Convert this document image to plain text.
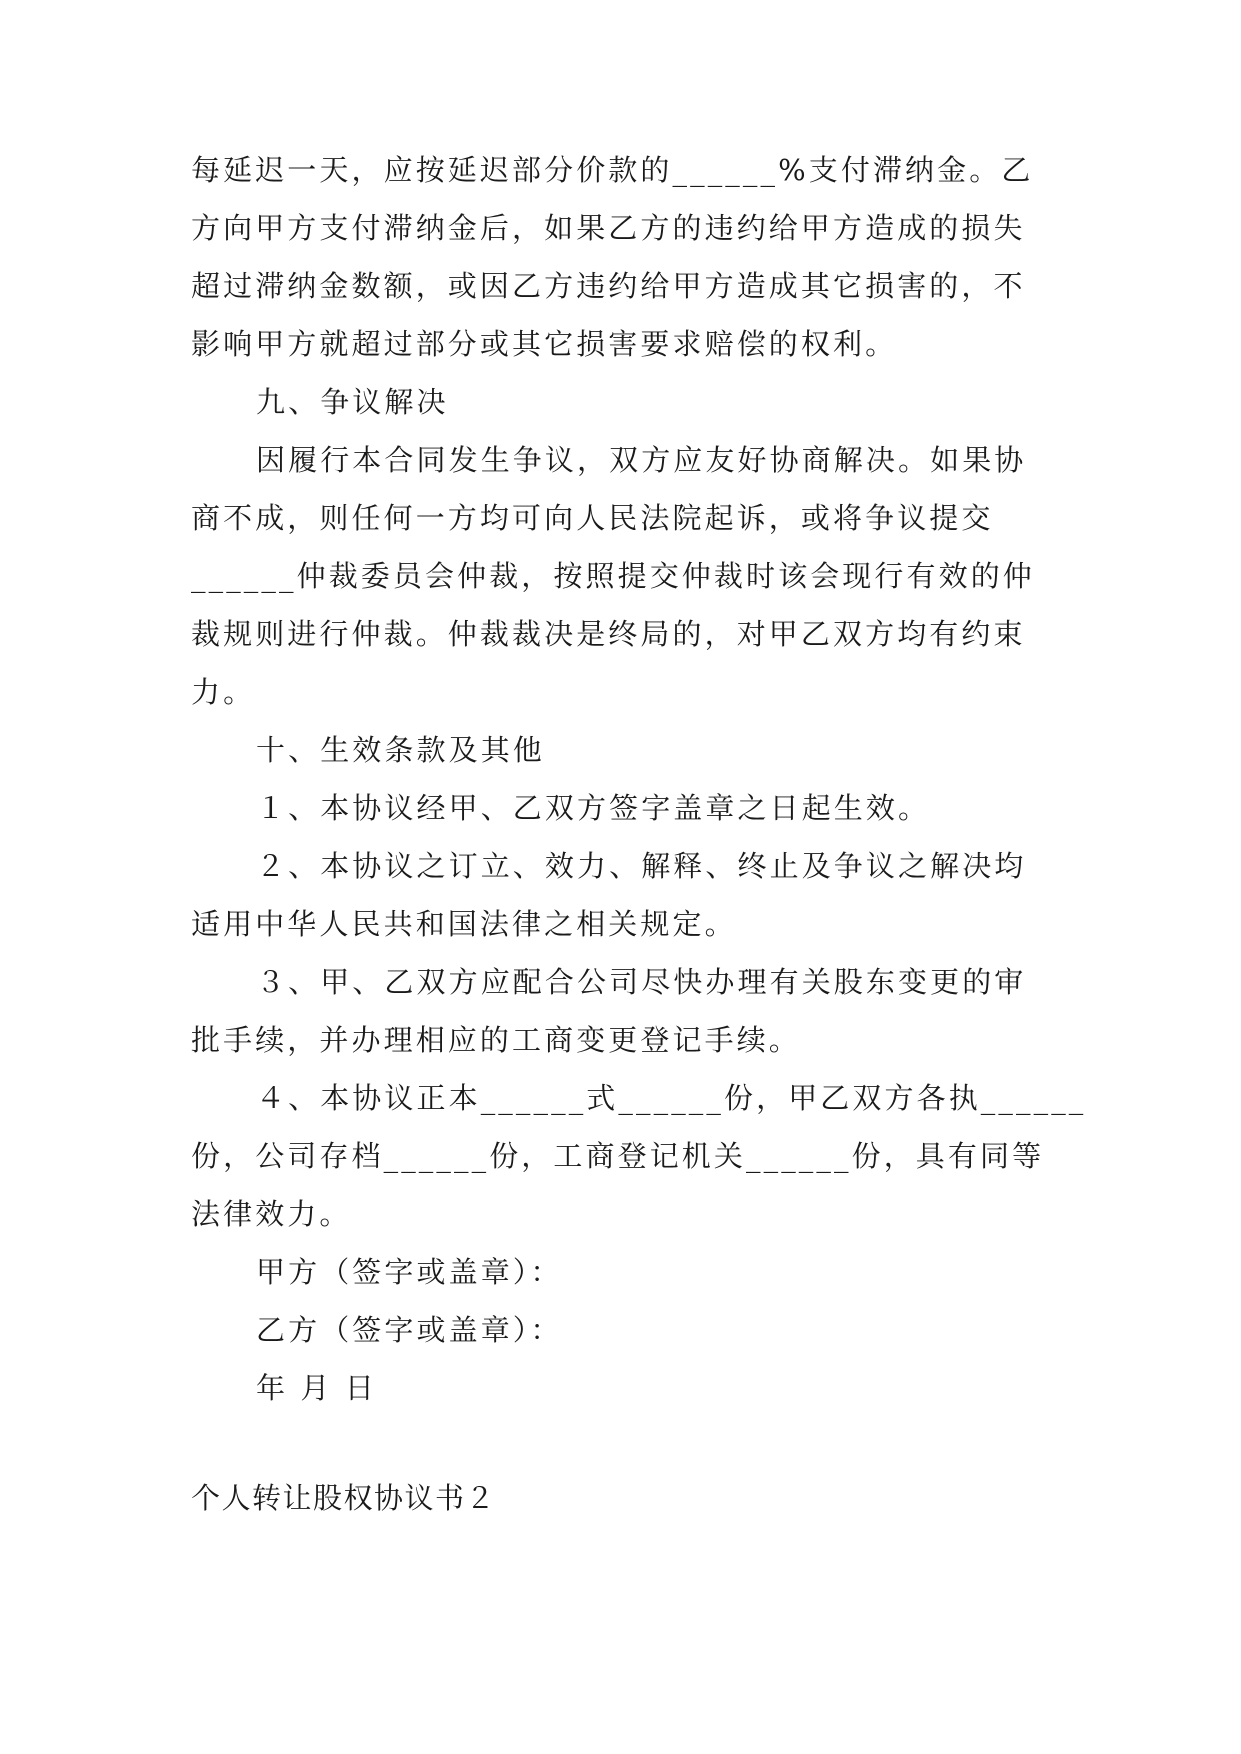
每延迟一天，应按延迟部分价款的______%支付滞纳金。乙
方向甲方支付滞纳金后，如果乙方的违约给甲方造成的损失
超过滞纳金数额，或因乙方违约给甲方造成其它损害的，不
影响甲方就超过部分或其它损害要求赔偿的权利。
九、争议解决
因履行本合同发生争议，双方应友好协商解决。如果协
商不成，则任何一方均可向人民法院起诉，或将争议提交
______仲裁委员会仲裁，按照提交仲裁时该会现行有效的仲
裁规则进行仲裁。仲裁裁决是终局的，对甲乙双方均有约束
力。
十、生效条款及其他
１、本协议经甲、乙双方签字盖章之日起生效。
２、本协议之订立、效力、解释、终止及争议之解决均
适用中华人民共和国法律之相关规定。
３、甲、乙双方应配合公司尽快办理有关股东变更的审
批手续，并办理相应的工商变更登记手续。
４、本协议正本______式______份，甲乙双方各执______
份，公司存档______份，工商登记机关______份，具有同等
法律效力。
甲方（签字或盖章）：
乙方（签字或盖章）：
年 月 日
个人转让股权协议书２
